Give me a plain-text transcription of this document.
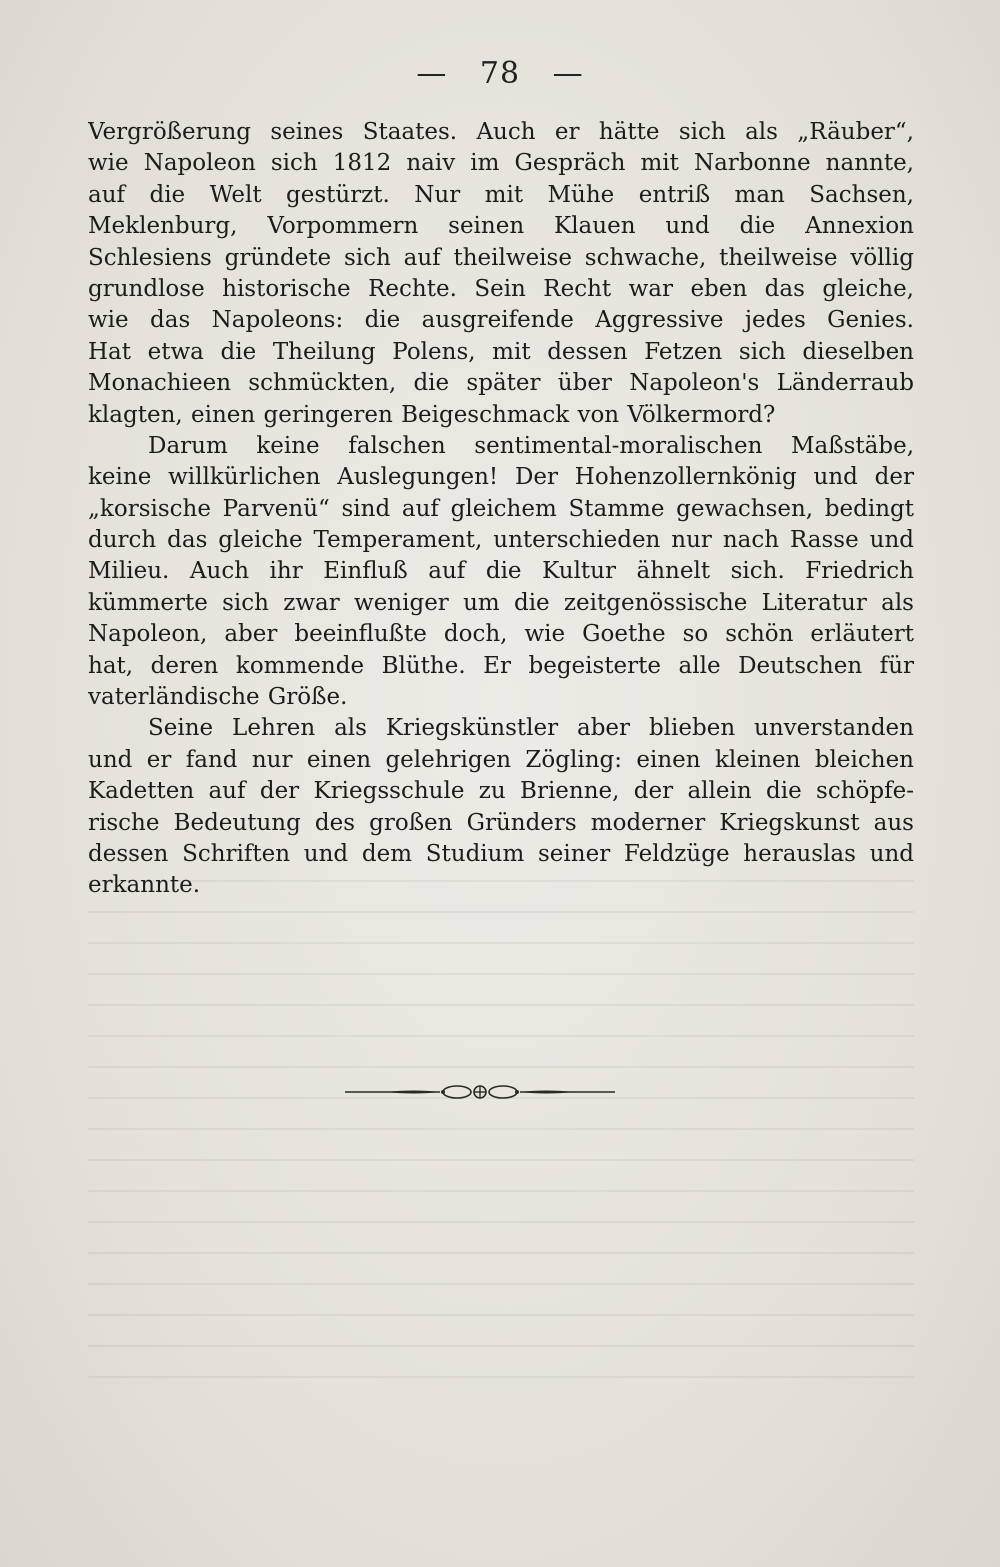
— 78 —
Vergrößerung seines Staates. Auch er hätte sich als „Räuber“,
wie Napoleon sich 1812 naiv im Gespräch mit Narbonne nannte,
auf die Welt gestürzt. Nur mit Mühe entriß man Sachsen,
Meklenburg, Vorpommern seinen Klauen und die Annexion
Schlesiens gründete sich auf theilweise schwache, theilweise völlig
grundlose historische Rechte. Sein Recht war eben das gleiche,
wie das Napoleons: die ausgreifende Aggressive jedes Genies.
Hat etwa die Theilung Polens, mit dessen Fetzen sich dieselben
Monachieen schmückten, die später über Napoleon's Länderraub
klagten, einen geringeren Beigeschmack von Völkermord?
Darum keine falschen sentimental-moralischen Maßstäbe,
keine willkürlichen Auslegungen! Der Hohenzollernkönig und der
„korsische Parvenü“ sind auf gleichem Stamme gewachsen, bedingt
durch das gleiche Temperament, unterschieden nur nach Rasse und
Milieu. Auch ihr Einfluß auf die Kultur ähnelt sich. Friedrich
kümmerte sich zwar weniger um die zeitgenössische Literatur als
Napoleon, aber beeinflußte doch, wie Goethe so schön erläutert
hat, deren kommende Blüthe. Er begeisterte alle Deutschen für
vaterländische Größe.
Seine Lehren als Kriegskünstler aber blieben unverstanden
und er fand nur einen gelehrigen Zögling: einen kleinen bleichen
Kadetten auf der Kriegsschule zu Brienne, der allein die schöpfe-
rische Bedeutung des großen Gründers moderner Kriegskunst aus
dessen Schriften und dem Studium seiner Feldzüge herauslas und
erkannte.
